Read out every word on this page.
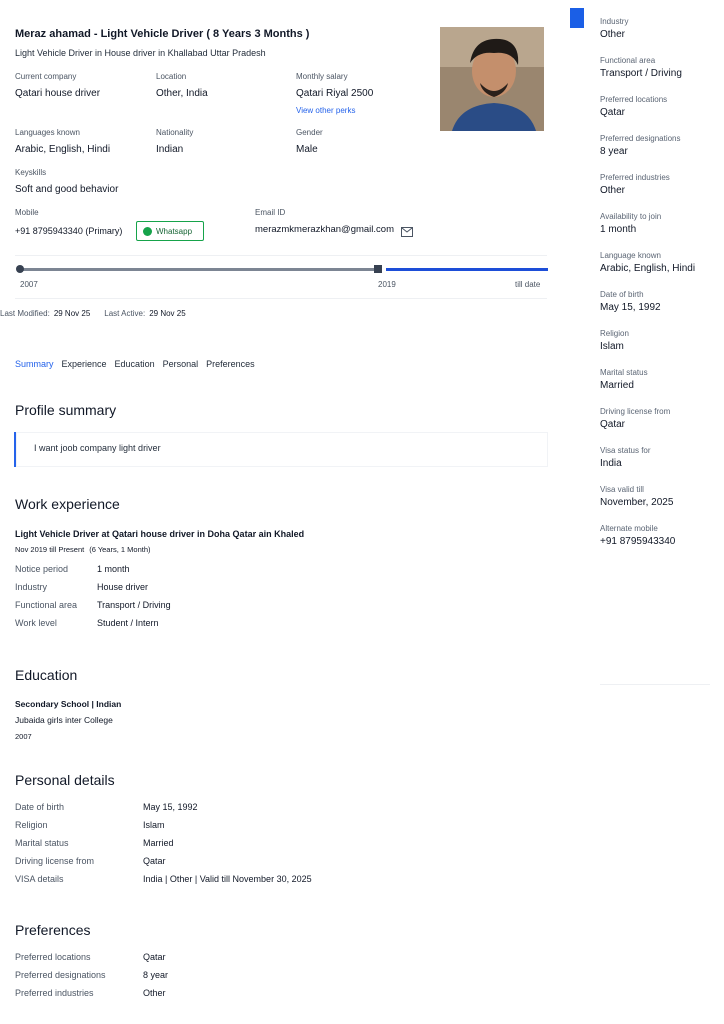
Meraz ahamad - Light Vehicle Driver ( 8 Years 3 Months )
Light Vehicle Driver in House driver in Khallabad Uttar Pradesh
Current company
Qatari house driver
Location
Other, India
Monthly salary
Qatari Riyal 2500
View other perks
Languages known
Arabic, English, Hindi
Nationality
Indian
Gender
Male
Keyskills
Soft and good behavior
Mobile
+91 8795943340 (Primary)	Whatsapp
Email ID
merazmkmerazkhan@gmail.com
2007	2019	till date
Last Modified: 29 Nov 25 Last Active: 29 Nov 25
Summary Experience Education Personal Preferences
Profile summary
I want joob company light driver
Work experience
Light Vehicle Driver at Qatari house driver in Doha Qatar ain Khaled
Nov 2019 till Present (6 Years, 1 Month)
Notice period	1 month
Industry	House driver
Functional area	Transport / Driving
Work level	Student / Intern
Education
Secondary School | Indian
Jubaida girls inter College
2007
Personal details
Date of birth	May 15, 1992
Religion	Islam
Marital status	Married
Driving license from	Qatar
VISA details	India | Other | Valid till November 30, 2025
Preferences
Preferred locations	Qatar
Preferred designations	8 year
Preferred industries	Other
Industry
Other
Functional area
Transport / Driving
Preferred locations
Qatar
Preferred designations
8 year
Preferred industries
Other
Availability to join
1 month
Language known
Arabic, English, Hindi
Date of birth
May 15, 1992
Religion
Islam
Marital status
Married
Driving license from
Qatar
Visa status for
India
Visa valid till
November, 2025
Alternate mobile
+91 8795943340
